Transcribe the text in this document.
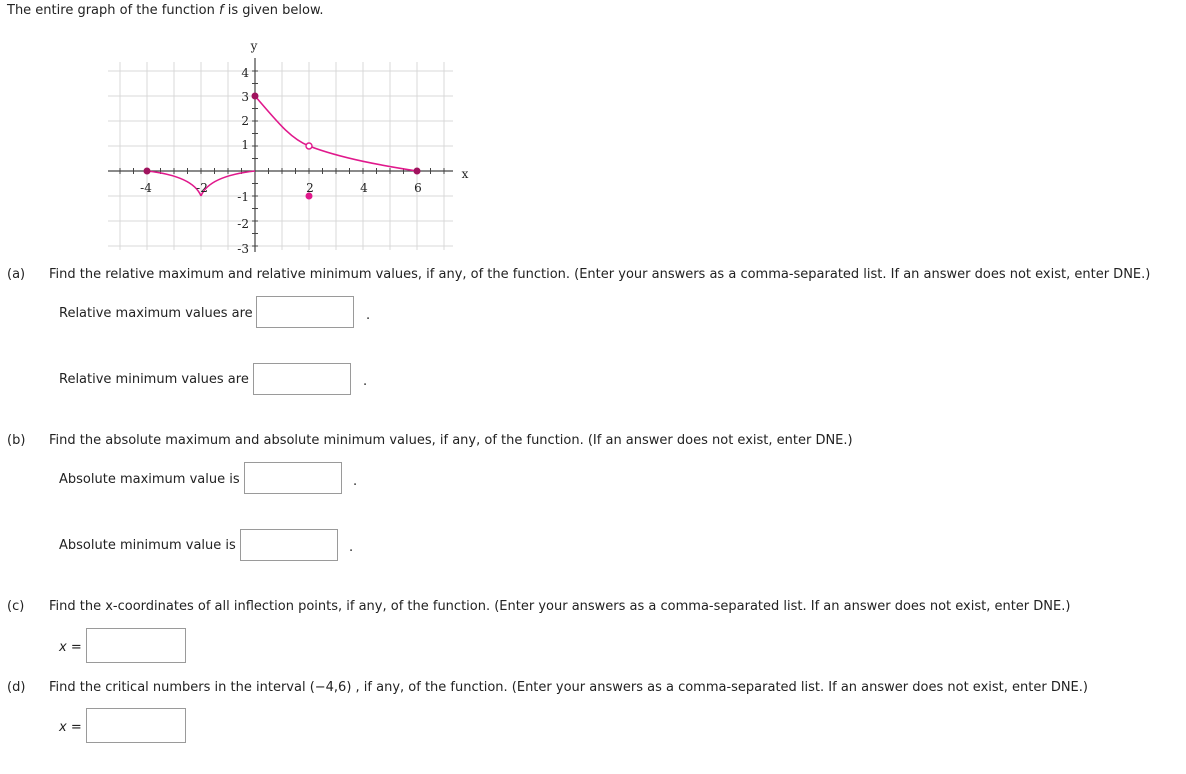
The entire graph of the function f is given below.
y
x
-4	-2	2	4	6
4
3
2
1
-1
-2
-3
(a) Find the relative maximum and relative minimum values, if any, of the function. (Enter your answers as a comma-separated list. If an answer does not exist, enter DNE.)
Relative maximum values are	.
Relative minimum values are	.
(b) Find the absolute maximum and absolute minimum values, if any, of the function. (If an answer does not exist, enter DNE.)
Absolute maximum value is	.
Absolute minimum value is	.
(c) Find the x-coordinates of all inflection points, if any, of the function. (Enter your answers as a comma-separated list. If an answer does not exist, enter DNE.)
x =
(d) Find the critical numbers in the interval (−4,6) , if any, of the function. (Enter your answers as a comma-separated list. If an answer does not exist, enter DNE.)
x =
